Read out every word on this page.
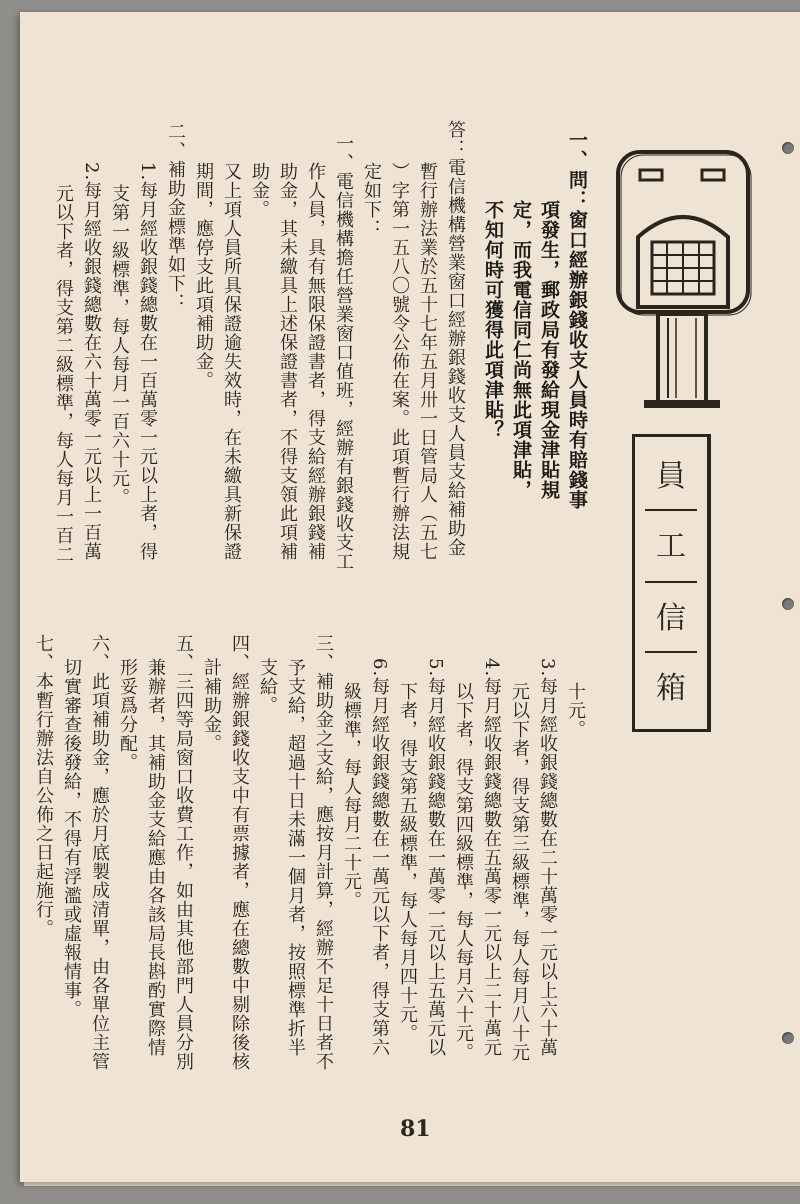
員
工
信
箱
一、問：窗口經辦銀錢收支人員時有賠錢事
項發生，郵政局有發給現金津貼規
定，而我電信同仁尚無此項津貼，
不知何時可獲得此項津貼？
答：電信機構營業窗口經辦銀錢收支人員支給補助金
暫行辦法業於五十七年五月卅一日管局人（五七
）字第一五八〇號令公佈在案。此項暫行辦法規
定如下：
一、電信機構擔任營業窗口值班，經辦有銀錢收支工
作人員，具有無限保證書者，得支給經辦銀錢補
助金，其未繳具上述保證書者，不得支領此項補
助金。
又上項人員所具保證逾失效時，在未繳具新保證
期間，應停支此項補助金。
二、補助金標準如下：
1.每月經收銀錢總數在一百萬零一元以上者，得
支第一級標準，每人每月一百六十元。
2.每月經收銀錢總數在六十萬零一元以上一百萬
元以下者，得支第二級標準，每人每月一百二
十元。
3.每月經收銀錢總數在二十萬零一元以上六十萬
元以下者，得支第三級標準，每人每月八十元
4.每月經收銀錢總數在五萬零一元以上二十萬元
以下者，得支第四級標準，每人每月六十元。
5.每月經收銀錢總數在一萬零一元以上五萬元以
下者，得支第五級標準，每人每月四十元。
6.每月經收銀錢總數在一萬元以下者，得支第六
級標準，每人每月二十元。
三、補助金之支給，應按月計算，經辦不足十日者不
予支給，超過十日未滿一個月者，按照標準折半
支給。
四、經辦銀錢收支中有票據者，應在總數中剔除後核
計補助金。
五、三四等局窗口收費工作，如由其他部門人員分別
兼辦者，其補助金支給應由各該局長斟酌實際情
形妥爲分配。
六、此項補助金，應於月底製成清單，由各單位主管
切實審查後發給，不得有浮濫或虛報情事。
七、本暫行辦法自公佈之日起施行。
81
